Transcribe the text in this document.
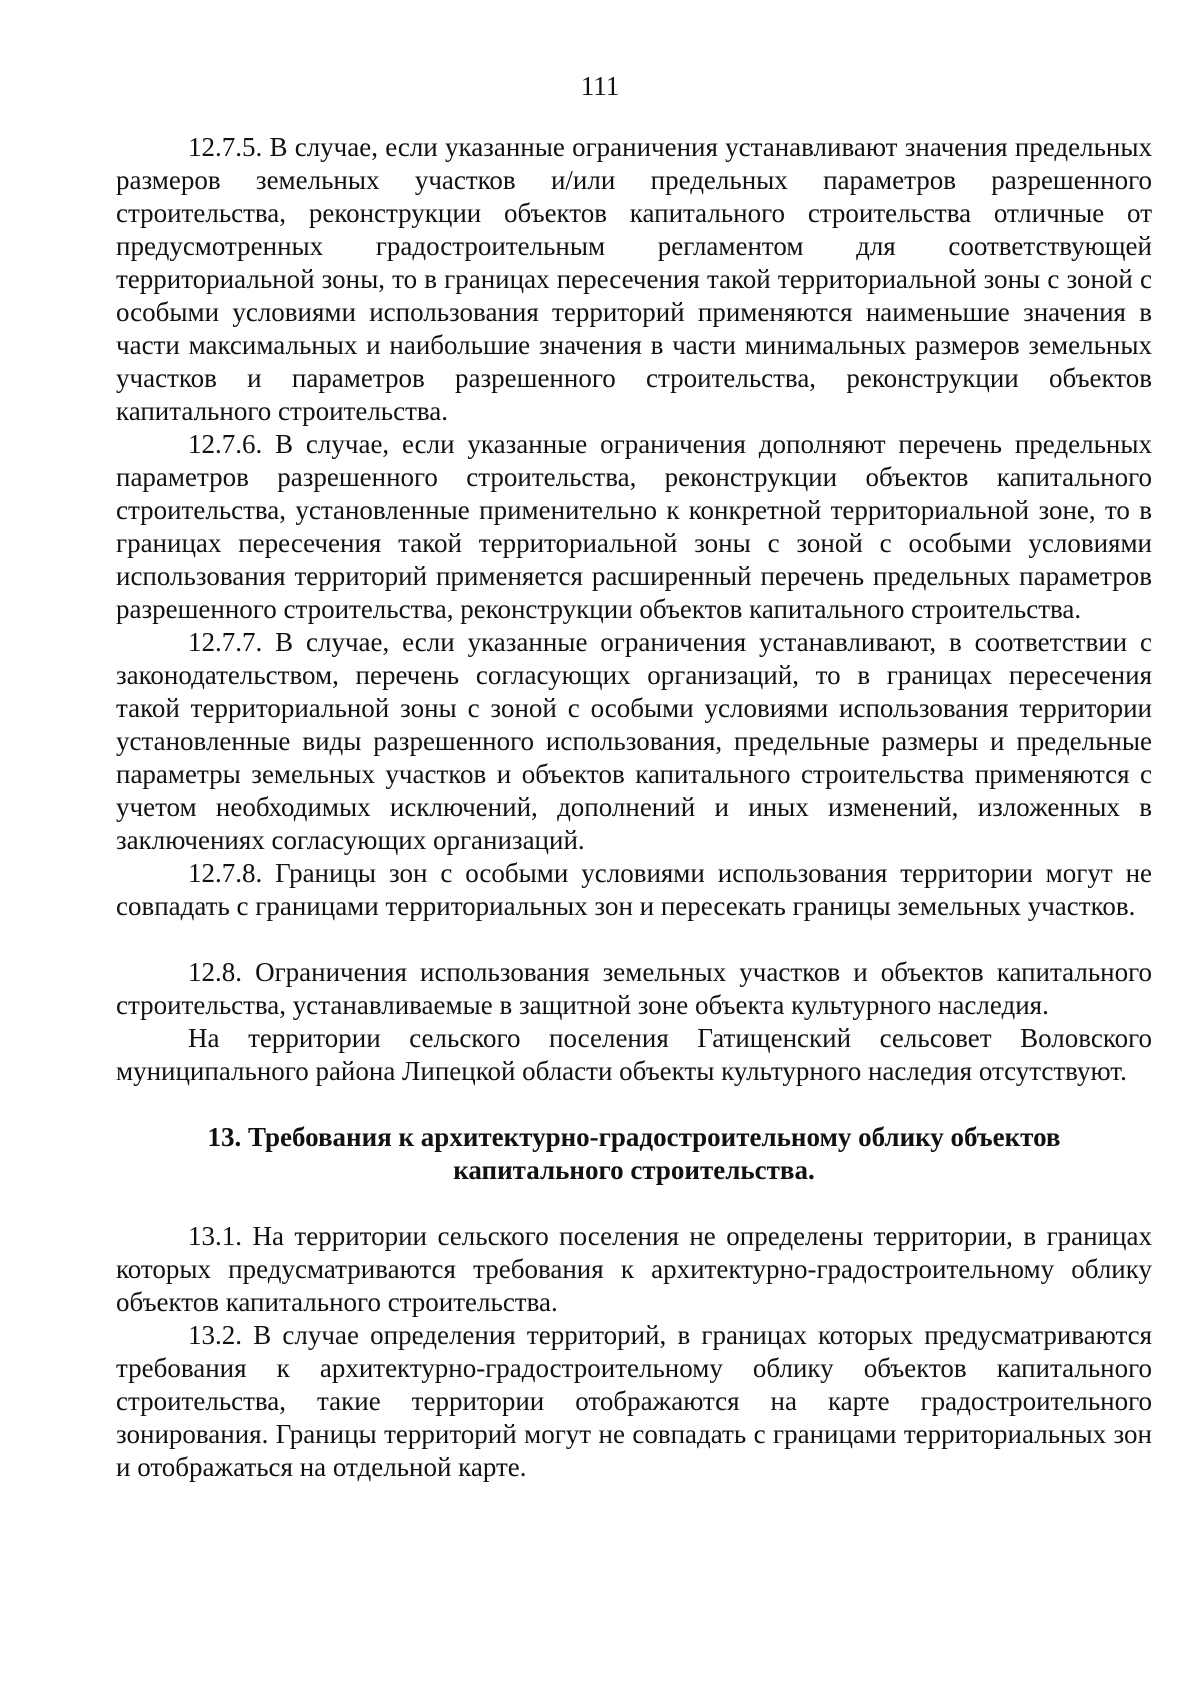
111

12.7.5. В случае, если указанные ограничения устанавливают значения предельных размеров земельных участков и/или предельных параметров разрешенного строительства, реконструкции объектов капитального строительства отличные от предусмотренных градостроительным регламентом для соответствующей территориальной зоны, то в границах пересечения такой территориальной зоны с зоной с особыми условиями использования территорий применяются наименьшие значения в части максимальных и наибольшие значения в части минимальных размеров земельных участков и параметров разрешенного строительства, реконструкции объектов капитального строительства.

12.7.6. В случае, если указанные ограничения дополняют перечень предельных параметров разрешенного строительства, реконструкции объектов капитального строительства, установленные применительно к конкретной территориальной зоне, то в границах пересечения такой территориальной зоны с зоной с особыми условиями использования территорий применяется расширенный перечень предельных параметров разрешенного строительства, реконструкции объектов капитального строительства.

12.7.7. В случае, если указанные ограничения устанавливают, в соответствии с законодательством, перечень согласующих организаций, то в границах пересечения такой территориальной зоны с зоной с особыми условиями использования территории установленные виды разрешенного использования, предельные размеры и предельные параметры земельных участков и объектов капитального строительства применяются с учетом необходимых исключений, дополнений и иных изменений, изложенных в заключениях согласующих организаций.

12.7.8. Границы зон с особыми условиями использования территории могут не совпадать с границами территориальных зон и пересекать границы земельных участков.

12.8. Ограничения использования земельных участков и объектов капитального строительства, устанавливаемые в защитной зоне объекта культурного наследия.

На территории сельского поселения Гатищенский сельсовет Воловского муниципального района Липецкой области объекты культурного наследия отсутствуют.

13. Требования к архитектурно-градостроительному облику объектов
капитального строительства.

13.1. На территории сельского поселения не определены территории, в границах которых предусматриваются требования к архитектурно-градостроительному облику объектов капитального строительства.

13.2. В случае определения территорий, в границах которых предусматриваются требования к архитектурно-градостроительному облику объектов капитального строительства, такие территории отображаются на карте градостроительного зонирования. Границы территорий могут не совпадать с границами территориальных зон и отображаться на отдельной карте.
